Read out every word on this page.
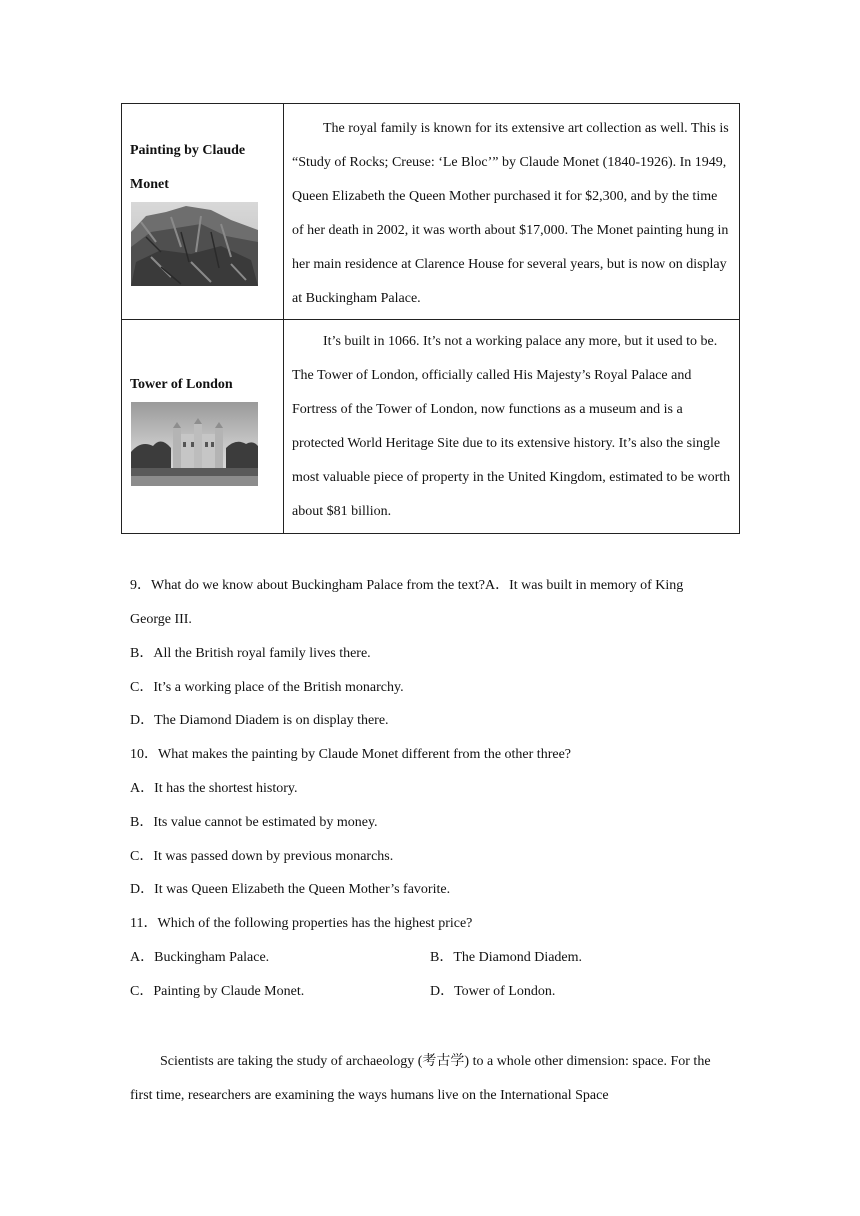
Painting by Claude
Monet	The royal family is known for its extensive art collection as well. This is “Study of Rocks; Creuse: ‘Le Bloc’” by Claude Monet (1840-1926). In 1949, Queen Elizabeth the Queen Mother purchased it for $2,300, and by the time of her death in 2002, it was worth about $17,000. The Monet painting hung in her main residence at Clarence House for several years, but is now on display at Buckingham Palace.

Tower of London	It’s built in 1066. It’s not a working palace any more, but it used to be. The Tower of London, officially called His Majesty’s Royal Palace and Fortress of the Tower of London, now functions as a museum and is a protected World Heritage Site due to its extensive history. It’s also the single most valuable piece of property in the United Kingdom, estimated to be worth about $81 billion.

9．What do we know about Buckingham Palace from the text?A．It was built in memory of King

George III.

B．All the British royal family lives there.

C．It’s a working place of the British monarchy.

D．The Diamond Diadem is on display there.

10．What makes the painting by Claude Monet different from the other three?

A．It has the shortest history.

B．Its value cannot be estimated by money.

C．It was passed down by previous monarchs.

D．It was Queen Elizabeth the Queen Mother’s favorite.

11．Which of the following properties has the highest price?

A．Buckingham Palace.	B．The Diamond Diadem.

C．Painting by Claude Monet.	D．Tower of London.

Scientists are taking the study of archaeology (考古学) to a whole other dimension: space. For the first time, researchers are examining the ways humans live on the International Space
